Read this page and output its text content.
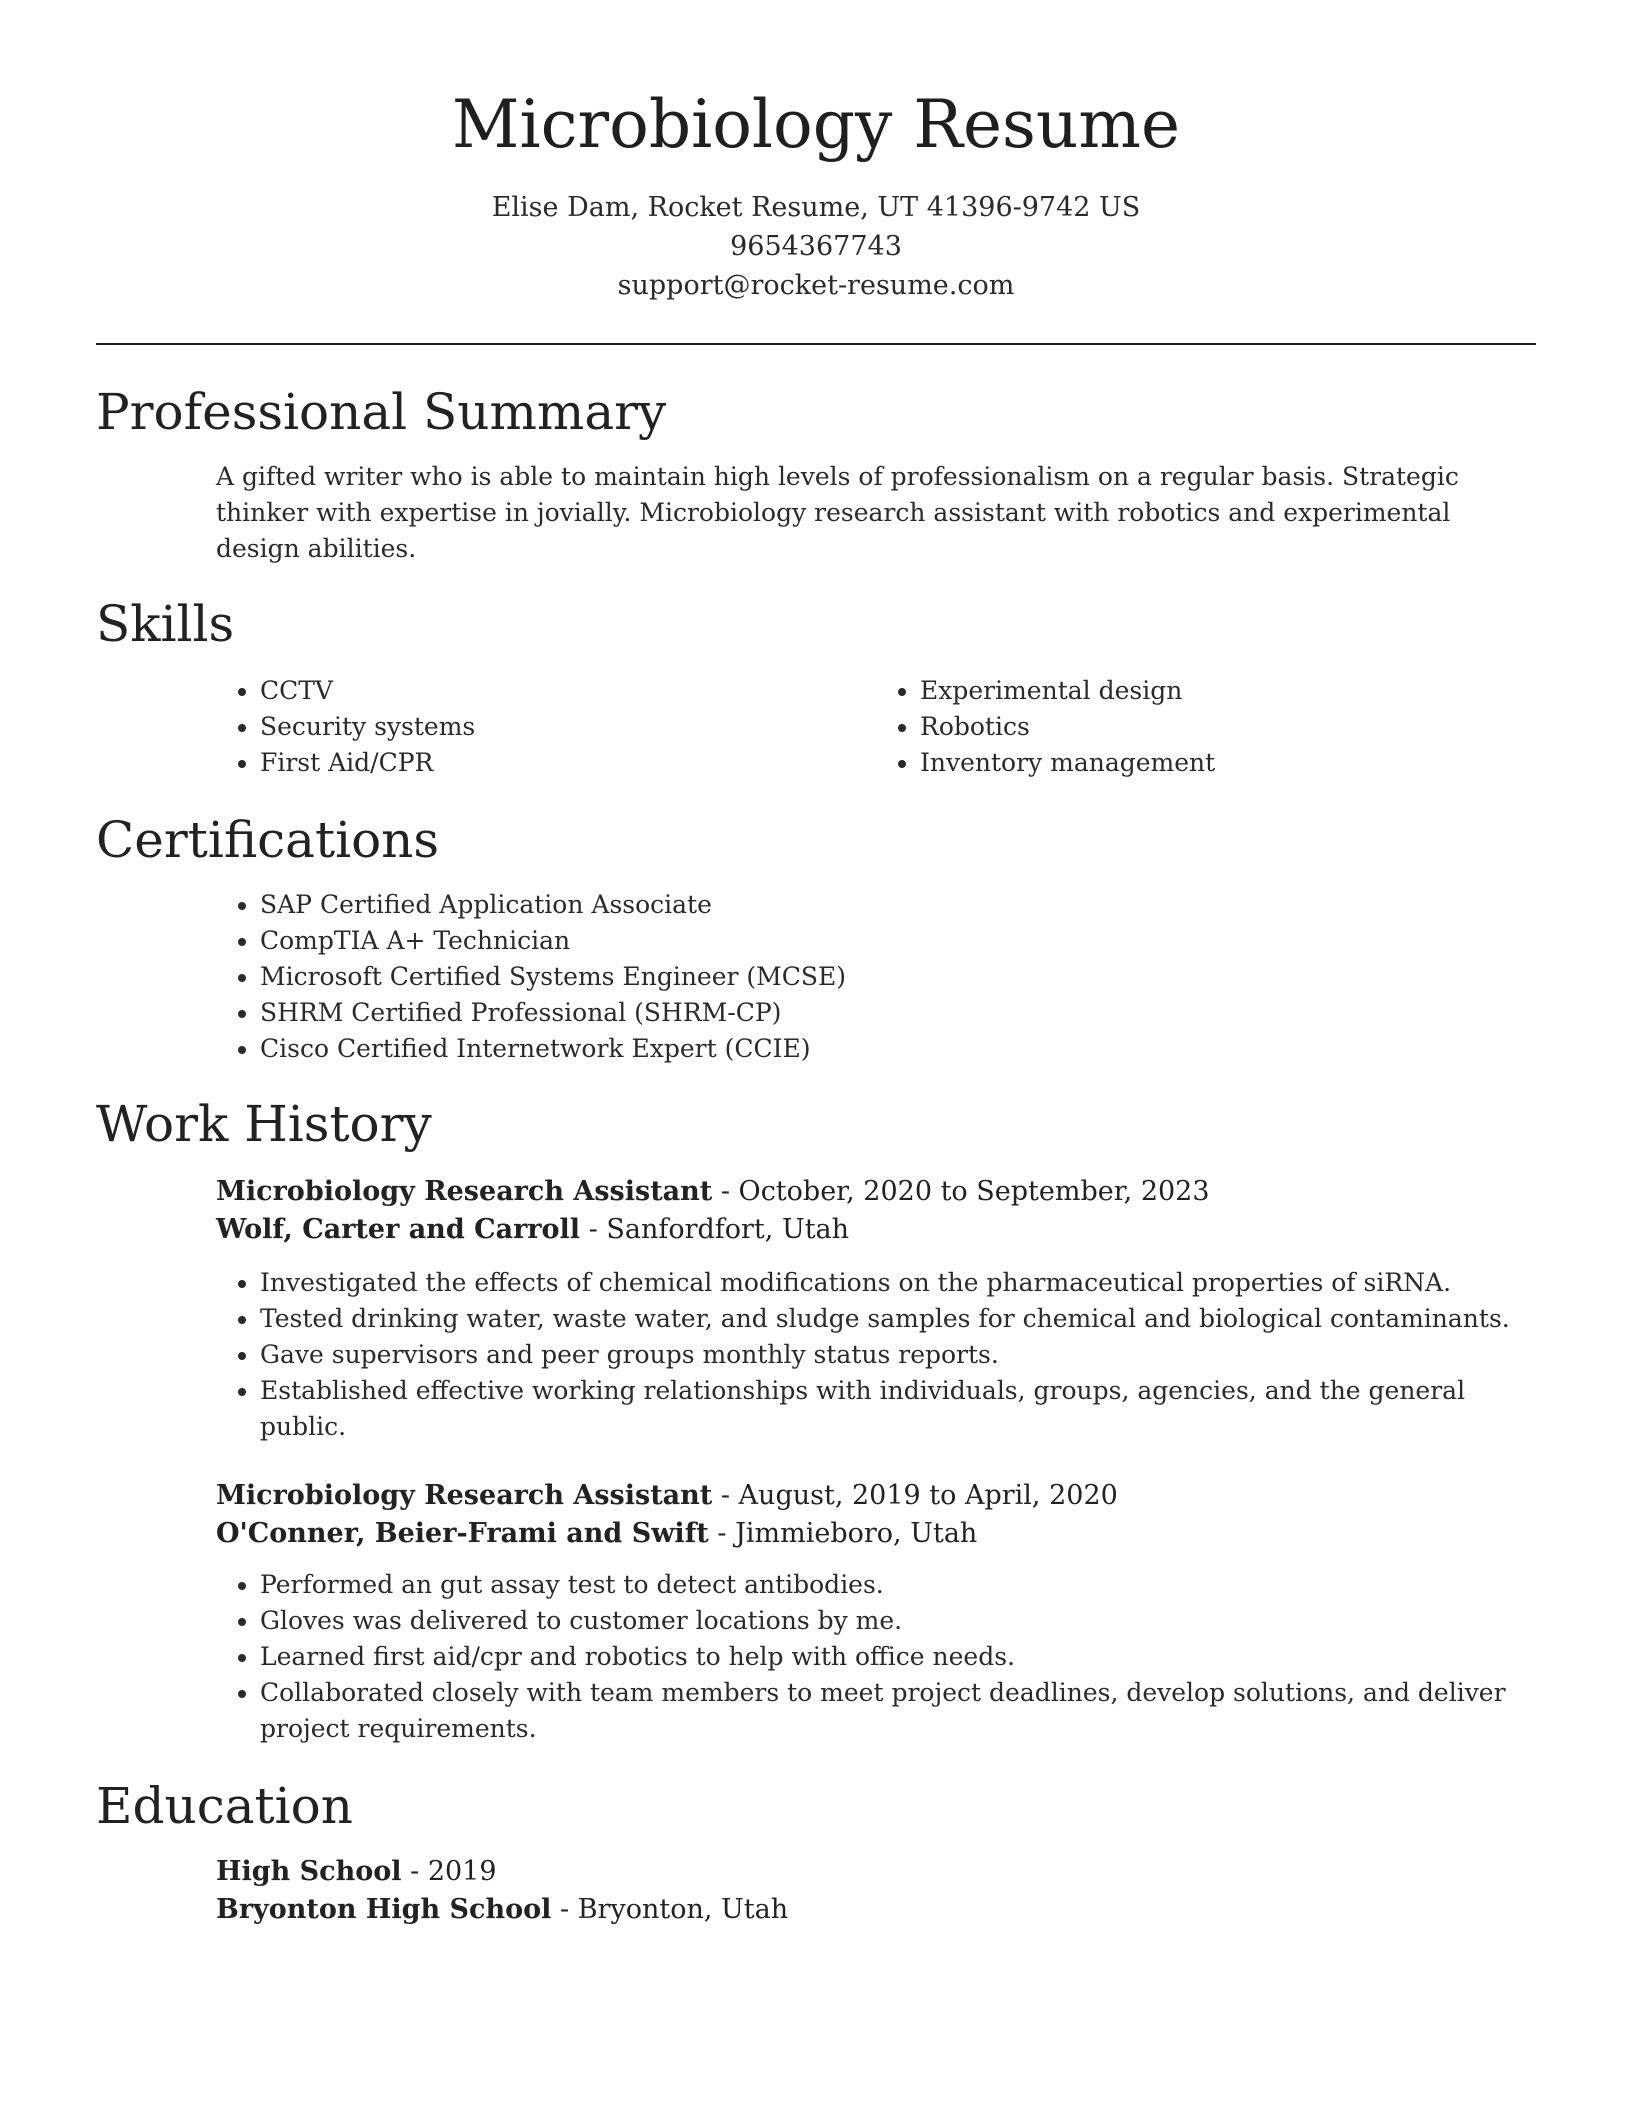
Microbiology Resume
Elise Dam, Rocket Resume, UT 41396-9742 US
9654367743
support@rocket-resume.com
Professional Summary
A gifted writer who is able to maintain high levels of professionalism on a regular basis. Strategic thinker with expertise in jovially. Microbiology research assistant with robotics and experimental design abilities.
Skills
• CCTV
• Security systems
• First Aid/CPR
• Experimental design
• Robotics
• Inventory management
Certifications
• SAP Certified Application Associate
• CompTIA A+ Technician
• Microsoft Certified Systems Engineer (MCSE)
• SHRM Certified Professional (SHRM-CP)
• Cisco Certified Internetwork Expert (CCIE)
Work History
Microbiology Research Assistant - October, 2020 to September, 2023
Wolf, Carter and Carroll - Sanfordfort, Utah
• Investigated the effects of chemical modifications on the pharmaceutical properties of siRNA.
• Tested drinking water, waste water, and sludge samples for chemical and biological contaminants.
• Gave supervisors and peer groups monthly status reports.
• Established effective working relationships with individuals, groups, agencies, and the general public.
Microbiology Research Assistant - August, 2019 to April, 2020
O'Conner, Beier-Frami and Swift - Jimmieboro, Utah
• Performed an gut assay test to detect antibodies.
• Gloves was delivered to customer locations by me.
• Learned first aid/cpr and robotics to help with office needs.
• Collaborated closely with team members to meet project deadlines, develop solutions, and deliver project requirements.
Education
High School - 2019
Bryonton High School - Bryonton, Utah
